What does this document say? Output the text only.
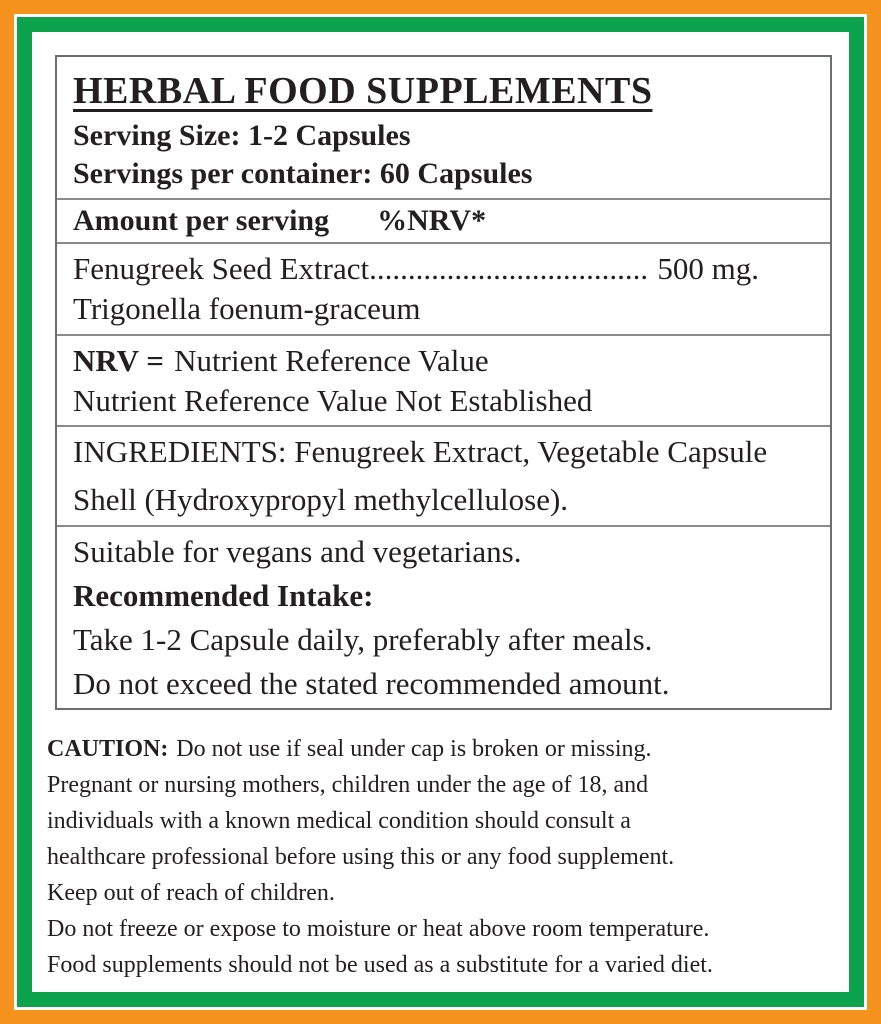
HERBAL FOOD SUPPLEMENTS
Serving Size: 1-2 Capsules
Servings per container: 60 Capsules
Amount per serving %NRV*
Fenugreek Seed Extract.................................... 500 mg.
Trigonella foenum-graceum
NRV = Nutrient Reference Value
Nutrient Reference Value Not Established
INGREDIENTS: Fenugreek Extract, Vegetable Capsule
Shell (Hydroxypropyl methylcellulose).
Suitable for vegans and vegetarians.
Recommended Intake:
Take 1-2 Capsule daily, preferably after meals.
Do not exceed the stated recommended amount.
CAUTION: Do not use if seal under cap is broken or missing.
Pregnant or nursing mothers, children under the age of 18, and
individuals with a known medical condition should consult a
healthcare professional before using this or any food supplement.
Keep out of reach of children.
Do not freeze or expose to moisture or heat above room temperature.
Food supplements should not be used as a substitute for a varied diet.
